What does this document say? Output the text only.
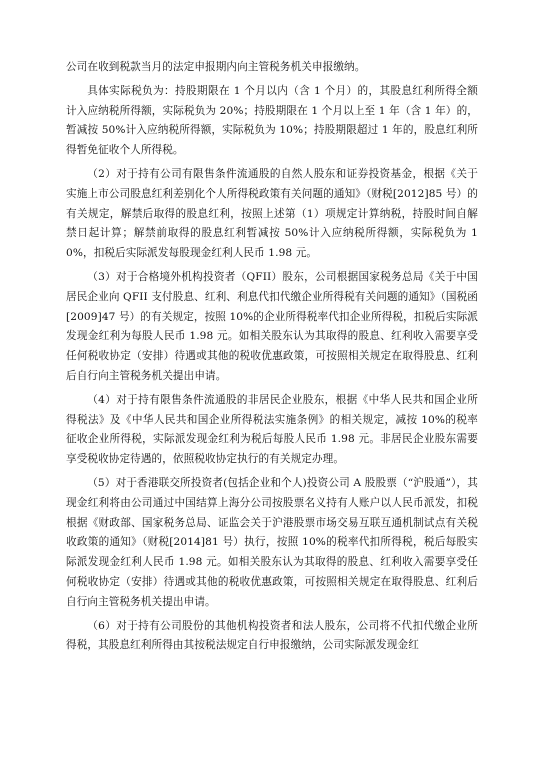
公司在收到税款当月的法定申报期内向主管税务机关申报缴纳。

具体实际税负为：持股期限在 1 个月以内（含 1 个月）的，其股息红利所得全额计入应纳税所得额，实际税负为 20%；持股期限在 1 个月以上至 1 年（含 1 年）的，暂减按 50%计入应纳税所得额，实际税负为 10%；持股期限超过 1 年的，股息红利所得暂免征收个人所得税。

（2）对于持有公司有限售条件流通股的自然人股东和证券投资基金，根据《关于实施上市公司股息红利差别化个人所得税政策有关问题的通知》（财税[2012]85 号）的有关规定，解禁后取得的股息红利，按照上述第（1）项规定计算纳税，持股时间自解禁日起计算；解禁前取得的股息红利暂减按 50%计入应纳税所得额，实际税负为 10%，扣税后实际派发每股现金红利人民币 1.98 元。

（3）对于合格境外机构投资者（QFII）股东，公司根据国家税务总局《关于中国居民企业向 QFII 支付股息、红利、利息代扣代缴企业所得税有关问题的通知》（国税函[2009]47 号）的有关规定，按照 10%的企业所得税率代扣企业所得税，扣税后实际派发现金红利为每股人民币 1.98 元。如相关股东认为其取得的股息、红利收入需要享受任何税收协定（安排）待遇或其他的税收优惠政策，可按照相关规定在取得股息、红利后自行向主管税务机关提出申请。

（4）对于持有限售条件流通股的非居民企业股东，根据《中华人民共和国企业所得税法》及《中华人民共和国企业所得税法实施条例》的相关规定，减按 10%的税率征收企业所得税，实际派发现金红利为税后每股人民币 1.98 元。非居民企业股东需要享受税收协定待遇的，依照税收协定执行的有关规定办理。

（5）对于香港联交所投资者(包括企业和个人)投资公司 A 股股票（“沪股通”），其现金红利将由公司通过中国结算上海分公司按股票名义持有人账户以人民币派发，扣税根据《财政部、国家税务总局、证监会关于沪港股票市场交易互联互通机制试点有关税收政策的通知》（财税[2014]81 号）执行，按照 10%的税率代扣所得税，税后每股实际派发现金红利人民币 1.98 元。如相关股东认为其取得的股息、红利收入需要享受任何税收协定（安排）待遇或其他的税收优惠政策，可按照相关规定在取得股息、红利后自行向主管税务机关提出申请。

（6）对于持有公司股份的其他机构投资者和法人股东，公司将不代扣代缴企业所得税，其股息红利所得由其按税法规定自行申报缴纳，公司实际派发现金红
